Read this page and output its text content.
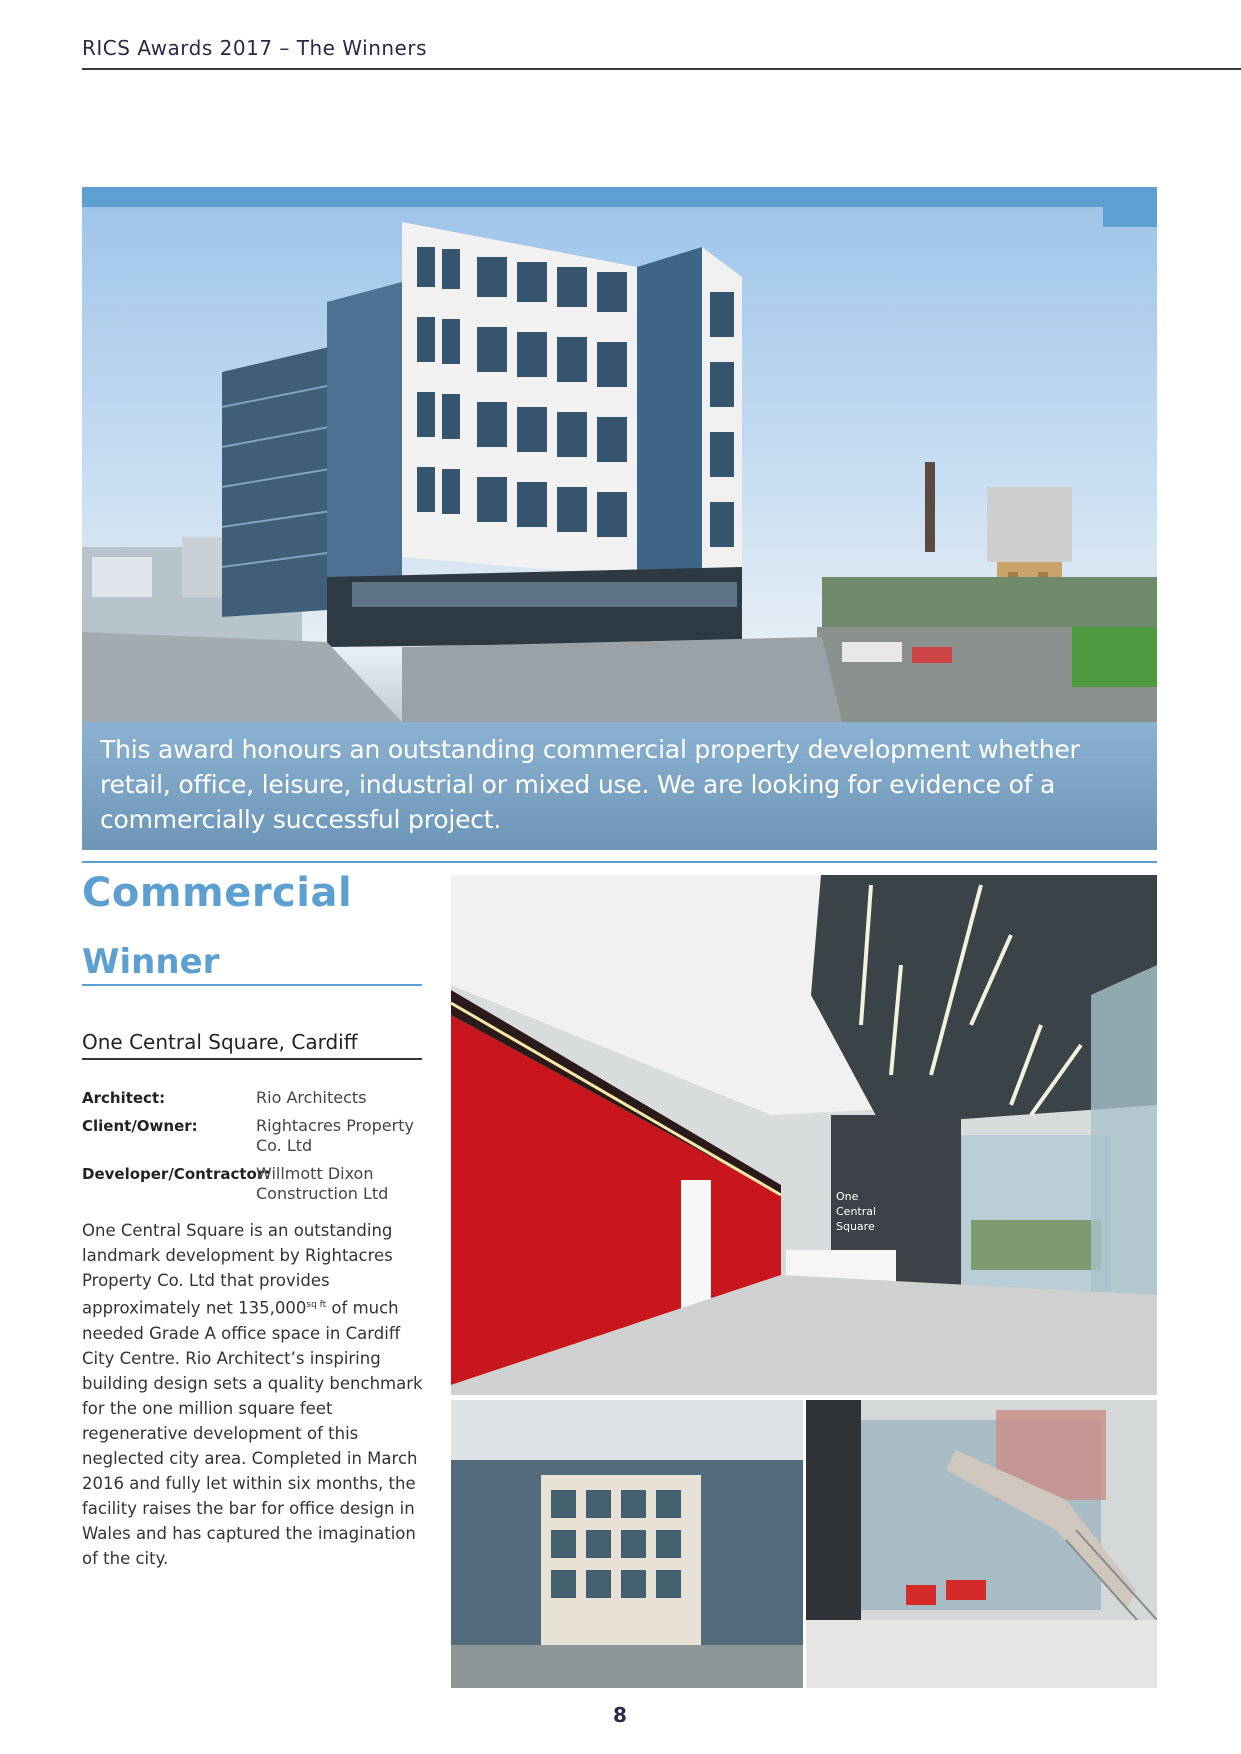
RICS Awards 2017 – The Winners
This award honours an outstanding commercial property development whether retail, office, leisure, industrial or mixed use. We are looking for evidence of a commercially successful project.
Commercial
Winner
One Central Square, Cardiff
Architect:	Rio Architects
Client/Owner:	Rightacres Property Co. Ltd
Developer/Contractor:
Willmott Dixon Construction Ltd
One Central Square is an outstanding landmark development by Rightacres Property Co. Ltd that provides approximately net $135,000^{sq ft}$ of much needed Grade A office space in Cardiff City Centre. Rio Architect’s inspiring building design sets a quality benchmark for the one million square feet regenerative development of this neglected city area. Completed in March 2016 and fully let within six months, the facility raises the bar for office design in Wales and has captured the imagination of the city.
One
Central
Square
8
